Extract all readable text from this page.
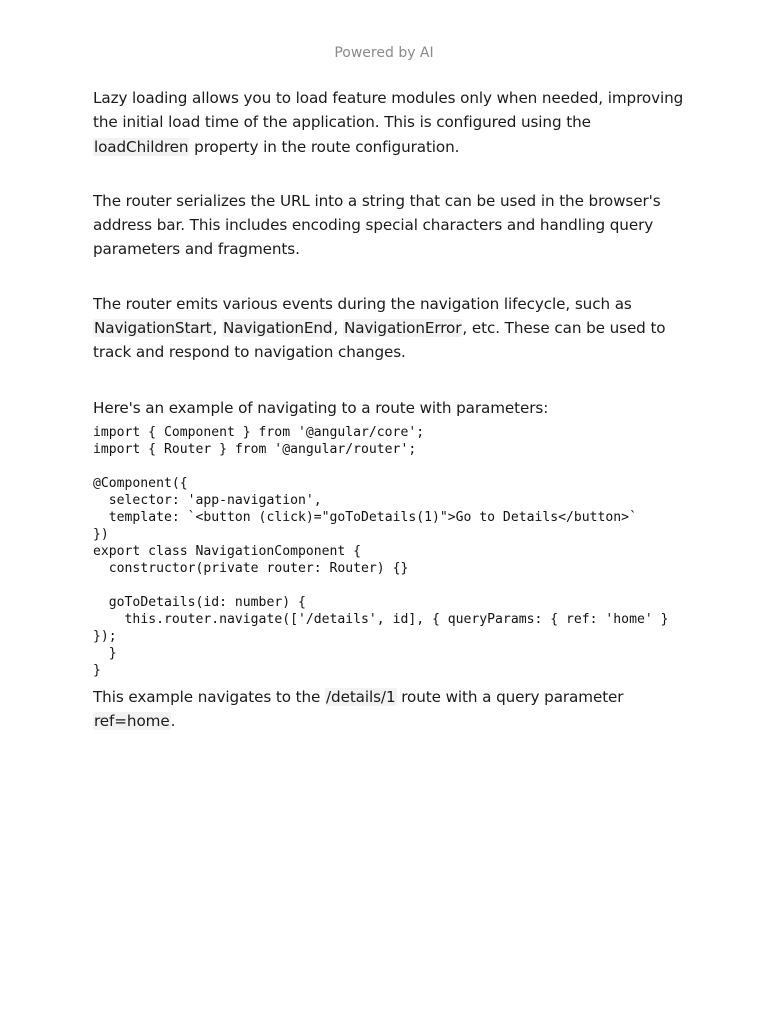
Powered by AI

Lazy loading allows you to load feature modules only when needed, improving the initial load time of the application. This is configured using the loadChildren property in the route configuration.

The router serializes the URL into a string that can be used in the browser's address bar. This includes encoding special characters and handling query parameters and fragments.

The router emits various events during the navigation lifecycle, such as NavigationStart, NavigationEnd, NavigationError, etc. These can be used to track and respond to navigation changes.

Here's an example of navigating to a route with parameters:

import { Component } from '@angular/core';
import { Router } from '@angular/router';

@Component({
selector: 'app-navigation',
template: `<button (click)="goToDetails(1)">Go to Details</button>`
})
export class NavigationComponent {
constructor(private router: Router) {}

goToDetails(id: number) {
this.router.navigate(['/details', id], { queryParams: { ref: 'home' } });
}
}

This example navigates to the /details/1 route with a query parameter ref=home.
